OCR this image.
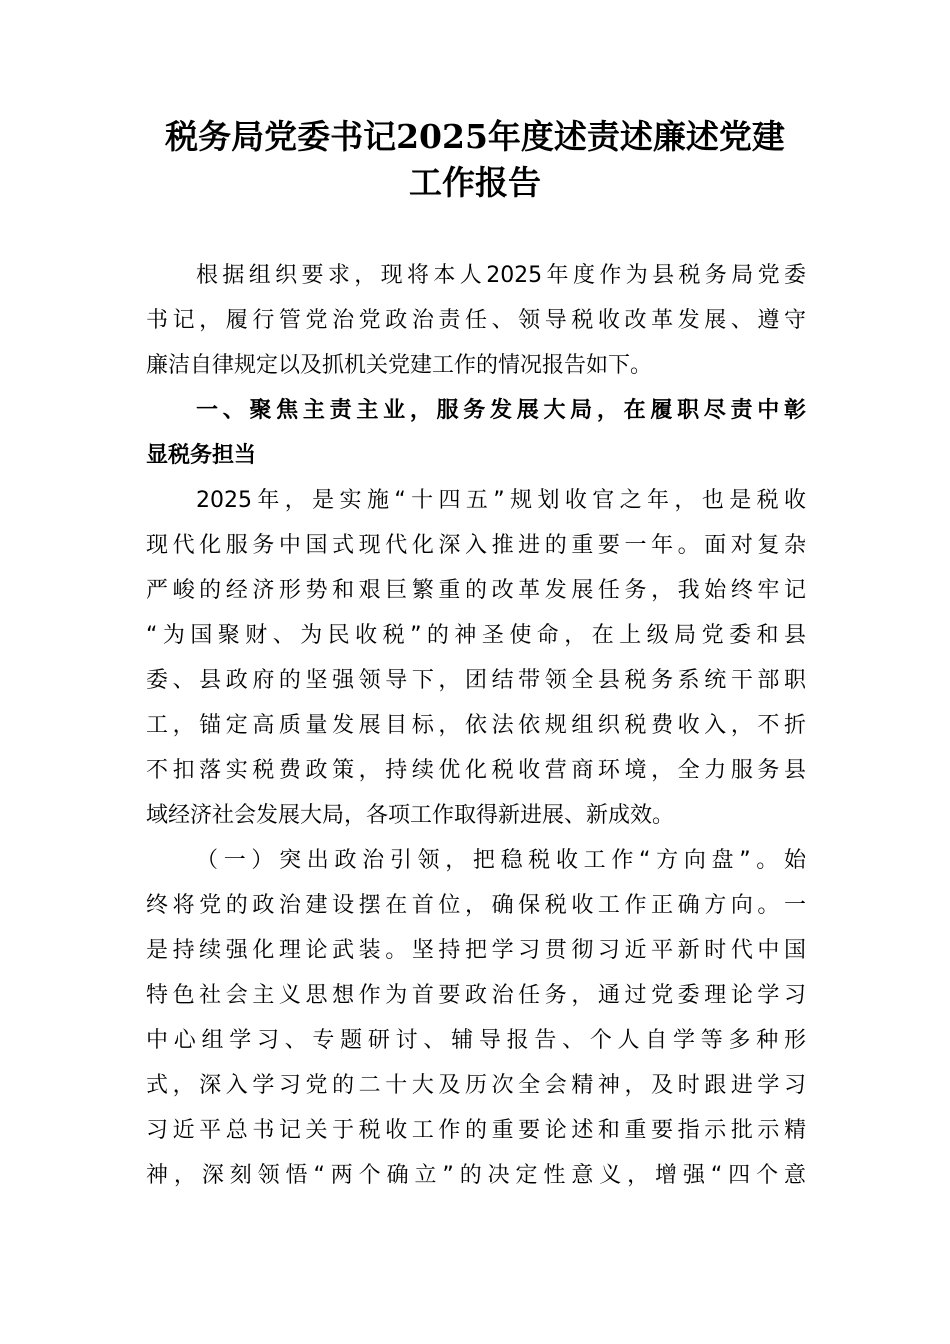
税务局党委书记2025年度述责述廉述党建
工作报告
根据组织要求，现将本人2025年度作为县税务局党委
书记，履行管党治党政治责任、领导税收改革发展、遵守
廉洁自律规定以及抓机关党建工作的情况报告如下。
一、聚焦主责主业，服务发展大局，在履职尽责中彰
显税务担当
2025年，是实施“十四五”规划收官之年，也是税收
现代化服务中国式现代化深入推进的重要一年。面对复杂
严峻的经济形势和艰巨繁重的改革发展任务，我始终牢记
“为国聚财、为民收税”的神圣使命，在上级局党委和县
委、县政府的坚强领导下，团结带领全县税务系统干部职
工，锚定高质量发展目标，依法依规组织税费收入，不折
不扣落实税费政策，持续优化税收营商环境，全力服务县
域经济社会发展大局，各项工作取得新进展、新成效。
（一）突出政治引领，把稳税收工作“方向盘”。始
终将党的政治建设摆在首位，确保税收工作正确方向。一
是持续强化理论武装。坚持把学习贯彻习近平新时代中国
特色社会主义思想作为首要政治任务，通过党委理论学习
中心组学习、专题研讨、辅导报告、个人自学等多种形
式，深入学习党的二十大及历次全会精神，及时跟进学习
习近平总书记关于税收工作的重要论述和重要指示批示精
神，深刻领悟“两个确立”的决定性意义，增强“四个意
